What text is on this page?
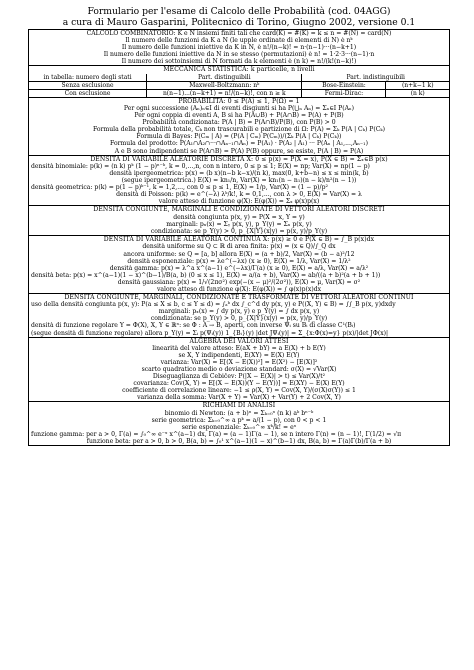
Formulario per l'esame di Calcolo delle Probabilità (cod. 04AGG)
a cura di Mauro Gasparini, Politecnico di Torino, Giugno 2002, versione 0.1
CALCOLO COMBINATORIO: K e N insiemi finiti tali che card(K) = #(K) = k ≤ n = #(N) = card(N)
Il numero delle funzioni da K a N (le upple ordinate di elementi di N) è nᵏ
Il numero delle funzioni iniettive da K in N, è n!/(n−k)! = n·(n−1)···(n−k+1)
Il numero delle funzioni iniettive da N in se stesso (permutazioni) è n! = 1·2·3···(n−1)·n
Il numero dei sottoinsiemi di N formati da k elementi è (n k) = n!/(k!(n−k)!)
MECCANICA STATISTICA: k particelle, n livelli
in tabella: numero degli stati	Part. distinguibili	Part. indistinguibili	
Senza esclusione	Maxwell-Boltzmann: nᵏ	Bose-Einstein:	(n+k−1 k)
Con esclusione	n(n−1)...(n−k+1) = n!/(n−k)!, con n ≥ k	Fermi-Dirac:	(n k)
PROBABILITÀ: 0 ≤ P(A) ≤ 1, P(Ω) = 1
Per ogni successione (Aₙ)ₙ∈I di eventi disgiunti si ha P(⋃ₙ Aₙ) = Σₙ∈I P(Aₙ)
Per ogni coppia di eventi A, B si ha P(A∪B) + P(A∩B) = P(A) + P(B)
Probabilità condizionata: P(A | B) = P(A∩B)/P(B), con P(B) > 0
Formula della probabilità totale, Cₖ non trascurabili e partizione di Ω: P(A) = Σₖ P(A | Cₖ) P(Cₖ)
Formula di Bayes: P(Cₘ | A) = (P(A | Cₘ) P(Cₘ))/(Σₖ P(A | Cₖ) P(Cₖ))
Formula del prodotto: P(A₁∩A₂∩···∩Aₙ₋₁∩Aₙ) = P(A₁) · P(A₂ | A₁) ··· P(Aₙ | A₁,...,Aₙ₋₁)
A e B sono indipendenti se P(A∩B) = P(A) P(B) oppure, se esiste, P(A | B) = P(A)
DENSITÀ DI VARIABILE ALEATORIE DISCRETA X: 0 ≤ p(x) = P(X = x), P(X ∈ B) = Σₓ∈B p(x)
densità binomiale: p(k) = (n k) pᵏ (1 − p)ⁿ⁻ᵏ, k = 0,...,n, con n intero, 0 ≤ p ≤ 1; E(X) = np; Var(X) = np(1 − p)
densità ipergeometrica: p(x) = (b x)(n−b k−x)/(n k), max(0, k+b−n) ≤ x ≤ min(k, b)
(segue ipergeometrica.) E(X) = kn₁/n, Var(X) = kn₁(n − n₁)(n − k)/n²(n − 1))
densità geometrica: p(k) = p(1 − p)ᵏ⁻¹, k = 1,2,..., con 0 ≤ p ≤ 1, E(X) = 1/p, Var(X) = (1 − p)/p²
densità di Poisson: p(k) = e^(−λ) λᵏ/k!, k = 0,1,..., con λ > 0, E(X) = Var(X) = λ
valore atteso di funzione φ(X): E(φ(X)) = Σₓ φ(x)p(x)
DENSITÀ CONGIUNTE, MARGINALI E CONDIZIONATE DI VETTORI ALEATORI DISCRETI
densità congiunta p(x, y) = P(X = x, Y = y)
marginali: pₓ(x) = Σᵧ p(x, y), p_Y(y) = Σₓ p(x, y)
condizionata: se p_Y(y) > 0, p_{X|Y}(x|y) = p(x, y)/p_Y(y)
DENSITÀ DI VARIABILE ALEATORIA CONTINUA X: p(x) ≥ 0 e P(X ∈ B) = ∫_B p(x)dx
densità uniforme su Q ⊂ ℝ di area finita: p(x) = (x ∈ Q)/∫_Q dx
ancora uniforme: se Q = [a, b] allora E(X) = (a + b)/2, Var(X) = (b − a)²/12
densità esponenziale: p(x) = λe^(−λx) (x ≥ 0), E(X) = 1/λ, Var(X) = 1/λ²
densità gamma: p(x) = λ^a x^(a−1) e^(−λx)/Γ(a) (x ≥ 0), E(X) = a/λ, Var(X) = a/λ²
densità beta: p(x) = x^(a−1)(1 − x)^(b−1)/B(a, b) (0 ≤ x ≤ 1), E(X) = a/(a + b), Var(X) = ab/((a + b)²(a + b + 1))
densità gaussiana: p(x) = 1/√(2πσ²) exp(−(x − μ)²/(2σ²)), E(X) = μ, Var(X) = σ²
valore atteso di funzione φ(X): E(φ(X)) = ∫ φ(x)p(x)dx
DENSITÀ CONGIUNTE, MARGINALI, CONDIZIONATE E TRASFORMATE DI VETTORI ALEATORI CONTINUI
uso della densità congiunta p(x, y): P(a ≤ X ≤ b, c ≤ Y ≤ d) = ∫ₐᵇ dx ∫_c^d dy p(x, y) e P((X, Y) ∈ B) = ∫∫_B p(x, y)dxdy
marginali: pₓ(x) = ∫ dy p(x, y) e p_Y(y) = ∫ dx p(x, y)
condizionata: se p_Y(y) > 0, p_{X|Y}(x|y) = p(x, y)/p_Y(y)
densità di funzione regolare Y = Φ(X), X, Y ∈ ℝⁿ: se Φ : A → B, aperti, con inverse Ψᵢ su Bᵢ di classe C¹(Bᵢ)
(segue densità di funzione regolare) allora p_Y(y) = Σᵢ p(Ψᵢ(y)) 1_{Bᵢ}(y) |det JΨᵢ(y)| = Σ_{x:Φ(x)=y} p(x)/|det JΦ(x)|
ALGEBRA DEI VALORI ATTESI
linearità del valore atteso: E(aX + bY) = a E(X) + b E(Y)
se X, Y indipendenti, E(XY) = E(X) E(Y)
varianza: Var(X) = E[(X − E(X))²] = E(X²) − [E(X)]²
scarto quadratico medio o deviazione standard: σ(X) = √Var(X)
Diseguaglianza di Čebičev: P(|X − E(X)| > t) ≤ Var(X)/t²
covarianza: Cov(X, Y) = E[(X − E(X))(Y − E(Y))] = E(XY) − E(X) E(Y)
coefficiente di correlazione lineare: −1 ≤ ρ(X, Y) = Cov(X, Y)/(σ(X)σ(Y)) ≤ 1
varianza della somma: Var(X + Y) = Var(X) + Var(Y) + 2 Cov(X, Y)
RICHIAMI DI ANALISI
binomio di Newton: (a + b)ⁿ = Σₖ₌₀ⁿ (n k) aᵏ bⁿ⁻ᵏ
serie geometrica: Σₖ₌₀^∞ a pᵏ = a/(1 − p), con 0 < p < 1
serie esponenziale: Σₖ₌₀^∞ xᵏ/k! = eˣ
funzione gamma: per a > 0, Γ(a) = ∫₀^∞ e⁻ˣ x^(a−1) dx, Γ(a) = (a − 1)Γ(a − 1), se n intero Γ(n) = (n − 1)!, Γ(1/2) = √π
funzione beta: per a > 0, b > 0, B(a, b) = ∫₀¹ x^(a−1)(1 − x)^(b−1) dx, B(a, b) = Γ(a)Γ(b)/Γ(a + b)
